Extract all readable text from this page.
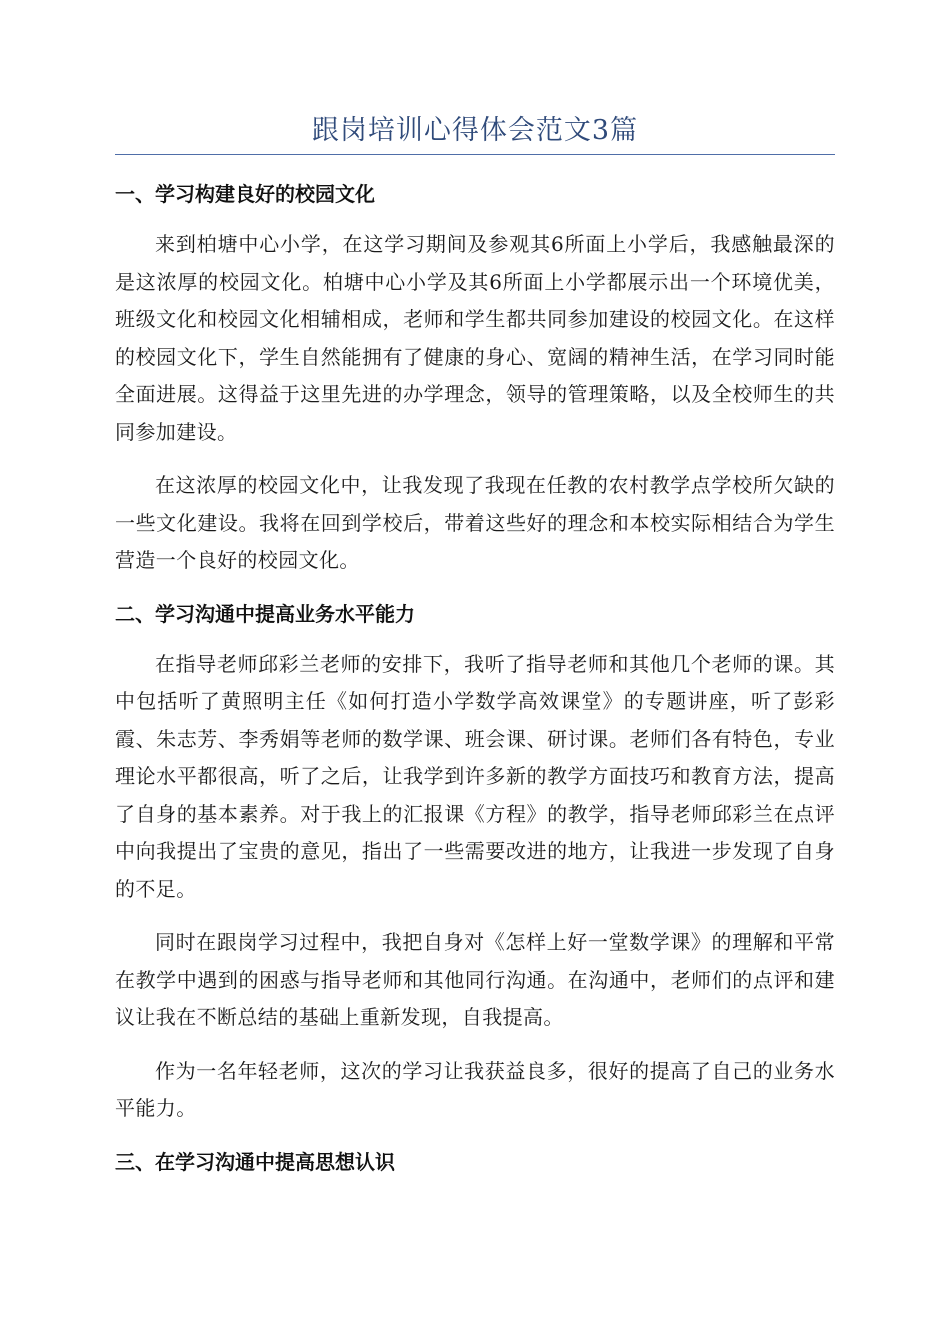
跟岗培训心得体会范文3篇
一、学习构建良好的校园文化

来到柏塘中心小学，在这学习期间及参观其6所面上小学后，我感触最深的是这浓厚的校园文化。柏塘中心小学及其6所面上小学都展示出一个环境优美，班级文化和校园文化相辅相成，老师和学生都共同参加建设的校园文化。在这样的校园文化下，学生自然能拥有了健康的身心、宽阔的精神生活，在学习同时能全面进展。这得益于这里先进的办学理念，领导的管理策略，以及全校师生的共同参加建设。

在这浓厚的校园文化中，让我发现了我现在任教的农村教学点学校所欠缺的一些文化建设。我将在回到学校后，带着这些好的理念和本校实际相结合为学生营造一个良好的校园文化。

二、学习沟通中提高业务水平能力

在指导老师邱彩兰老师的安排下，我听了指导老师和其他几个老师的课。其中包括听了黄照明主任《如何打造小学数学高效课堂》的专题讲座，听了彭彩霞、朱志芳、李秀娟等老师的数学课、班会课、研讨课。老师们各有特色，专业理论水平都很高，听了之后，让我学到许多新的教学方面技巧和教育方法，提高了自身的基本素养。对于我上的汇报课《方程》的教学，指导老师邱彩兰在点评中向我提出了宝贵的意见，指出了一些需要改进的地方，让我进一步发现了自身的不足。

同时在跟岗学习过程中，我把自身对《怎样上好一堂数学课》的理解和平常在教学中遇到的困惑与指导老师和其他同行沟通。在沟通中，老师们的点评和建议让我在不断总结的基础上重新发现，自我提高。

作为一名年轻老师，这次的学习让我获益良多，很好的提高了自己的业务水平能力。

三、在学习沟通中提高思想认识
